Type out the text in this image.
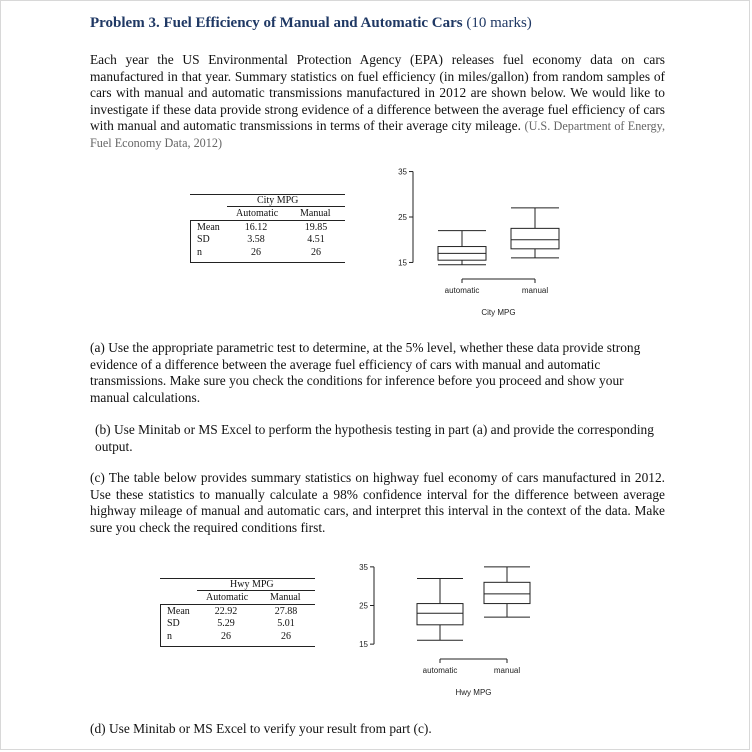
Problem 3. Fuel Efficiency of Manual and Automatic Cars (10 marks)

Each year the US Environmental Protection Agency (EPA) releases fuel economy data on cars manufactured in that year. Summary statistics on fuel efficiency (in miles/gallon) from random samples of cars with manual and automatic transmissions manufactured in 2012 are shown below. We would like to investigate if these data provide strong evidence of a difference between the average fuel efficiency of cars with manual and automatic transmissions in terms of their average city mileage. (U.S. Department of Energy, Fuel Economy Data, 2012)

City MPG
Automatic Manual
Mean	16.12	19.85
SD	3.58	4.51
n	26	26
35
25
15
automatic	manual
City MPG

(a) Use the appropriate parametric test to determine, at the 5% level, whether these data provide strong evidence of a difference between the average fuel efficiency of cars with manual and automatic transmissions. Make sure you check the conditions for inference before you proceed and show your manual calculations.

(b) Use Minitab or MS Excel to perform the hypothesis testing in part (a) and provide the corresponding output.

(c) The table below provides summary statistics on highway fuel economy of cars manufactured in 2012. Use these statistics to manually calculate a 98% confidence interval for the difference between average highway mileage of manual and automatic cars, and interpret this interval in the context of the data. Make sure you check the required conditions first.

Hwy MPG
Automatic Manual
Mean	22.92	27.88
SD	5.29	5.01
n	26	26
35
25
15
automatic	manual
Hwy MPG

(d) Use Minitab or MS Excel to verify your result from part (c).
